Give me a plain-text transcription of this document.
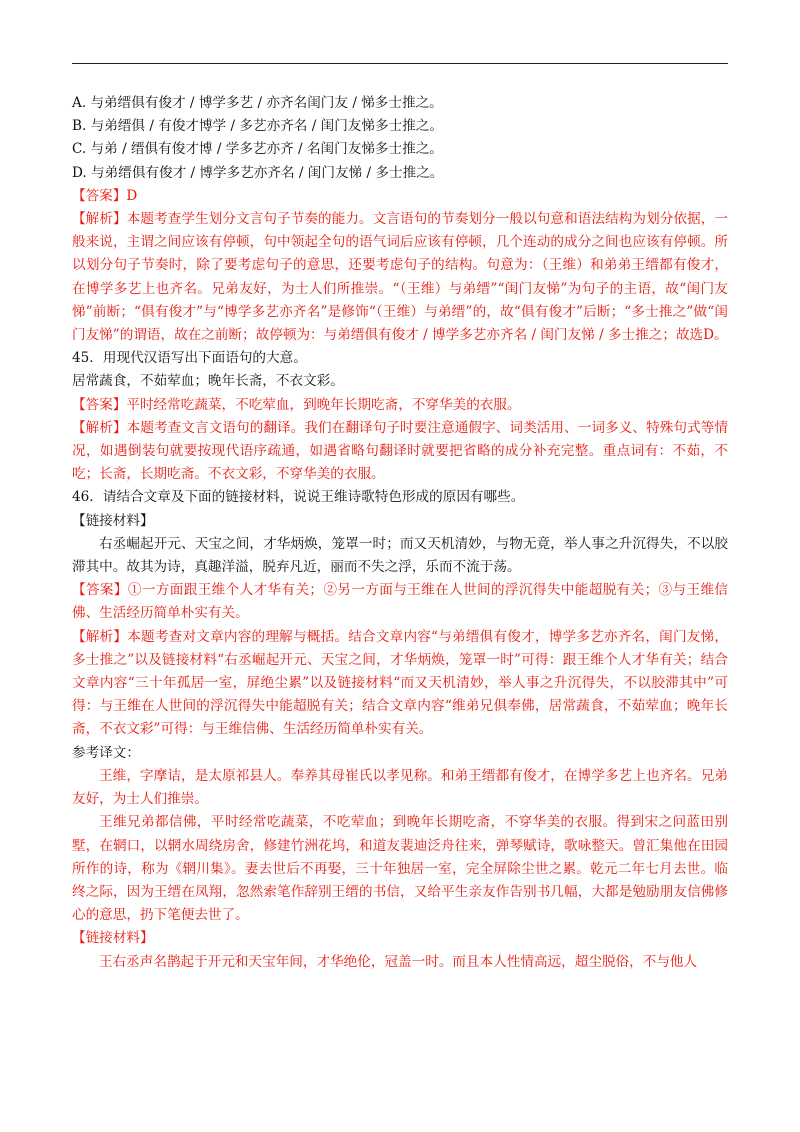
A. 与弟缙俱有俊才 / 博学多艺 / 亦齐名闺门友 / 悌多士推之。

B. 与弟缙俱 / 有俊才博学 / 多艺亦齐名 / 闺门友悌多士推之。

C. 与弟 / 缙俱有俊才博 / 学多艺亦齐 / 名闺门友悌多士推之。

D. 与弟缙俱有俊才 / 博学多艺亦齐名 / 闺门友悌 / 多士推之。

【答案】D

【解析】本题考查学生划分文言句子节奏的能力。文言语句的节奏划分一般以句意和语法结构为划分依据，一般来说，主谓之间应该有停顿，句中领起全句的语气词后应该有停顿，几个连动的成分之间也应该有停顿。所以划分句子节奏时，除了要考虑句子的意思，还要考虑句子的结构。句意为：（王维）和弟弟王缙都有俊才，在博学多艺上也齐名。兄弟友好，为士人们所推崇。“（王维）与弟缙”“闺门友悌”为句子的主语，故“闺门友悌”前断；“俱有俊才”与“博学多艺亦齐名”是修饰“（王维）与弟缙”的，故“俱有俊才”后断；“多士推之”做“闺门友悌”的谓语，故在之前断；故停顿为：与弟缙俱有俊才 / 博学多艺亦齐名 / 闺门友悌 / 多士推之；故选D。

45．用现代汉语写出下面语句的大意。

居常蔬食，不茹荤血；晚年长斋，不衣文彩。

【答案】平时经常吃蔬菜，不吃荤血，到晚年长期吃斋，不穿华美的衣服。

【解析】本题考查文言文语句的翻译。我们在翻译句子时要注意通假字、词类活用、一词多义、特殊句式等情况，如遇倒装句就要按现代语序疏通，如遇省略句翻译时就要把省略的成分补充完整。重点词有：不茹，不吃；长斋，长期吃斋。不衣文彩，不穿华美的衣服。

46．请结合文章及下面的链接材料，说说王维诗歌特色形成的原因有哪些。

【链接材料】

右丞崛起开元、天宝之间，才华炳焕，笼罩一时；而又天机清妙，与物无竟，举人事之升沉得失，不以胶滞其中。故其为诗，真趣洋溢，脱弃凡近，丽而不失之浮，乐而不流于荡。

【答案】①一方面跟王维个人才华有关；②另一方面与王维在人世间的浮沉得失中能超脱有关；③与王维信佛、生活经历简单朴实有关。

【解析】本题考查对文章内容的理解与概括。结合文章内容“与弟缙俱有俊才，博学多艺亦齐名，闺门友悌，多士推之”以及链接材料“右丞崛起开元、天宝之间，才华炳焕，笼罩一时”可得：跟王维个人才华有关；结合文章内容“三十年孤居一室，屏绝尘累”以及链接材料“而又天机清妙，举人事之升沉得失，不以胶滞其中”可得：与王维在人世间的浮沉得失中能超脱有关；结合文章内容“维弟兄俱奉佛，居常蔬食，不茹荤血；晚年长斋，不衣文彩”可得：与王维信佛、生活经历简单朴实有关。

参考译文：

王维，字摩诘，是太原祁县人。奉养其母崔氏以孝见称。和弟王缙都有俊才，在博学多艺上也齐名。兄弟友好，为士人们推崇。

王维兄弟都信佛，平时经常吃蔬菜，不吃荤血；到晚年长期吃斋，不穿华美的衣服。得到宋之问蓝田别墅，在辋口，以辋水周绕房舍，修建竹洲花坞，和道友裴迪泛舟往来，弹琴赋诗，歌咏整天。曾汇集他在田园所作的诗，称为《辋川集》。妻去世后不再娶，三十年独居一室，完全屏除尘世之累。乾元二年七月去世。临终之际，因为王缙在凤翔，忽然索笔作辞别王缙的书信，又给平生亲友作告别书几幅，大都是勉励朋友信佛修心的意思，扔下笔便去世了。

【链接材料】

王右丞声名鹊起于开元和天宝年间，才华绝伦，冠盖一时。而且本人性情高远，超尘脱俗，不与他人
